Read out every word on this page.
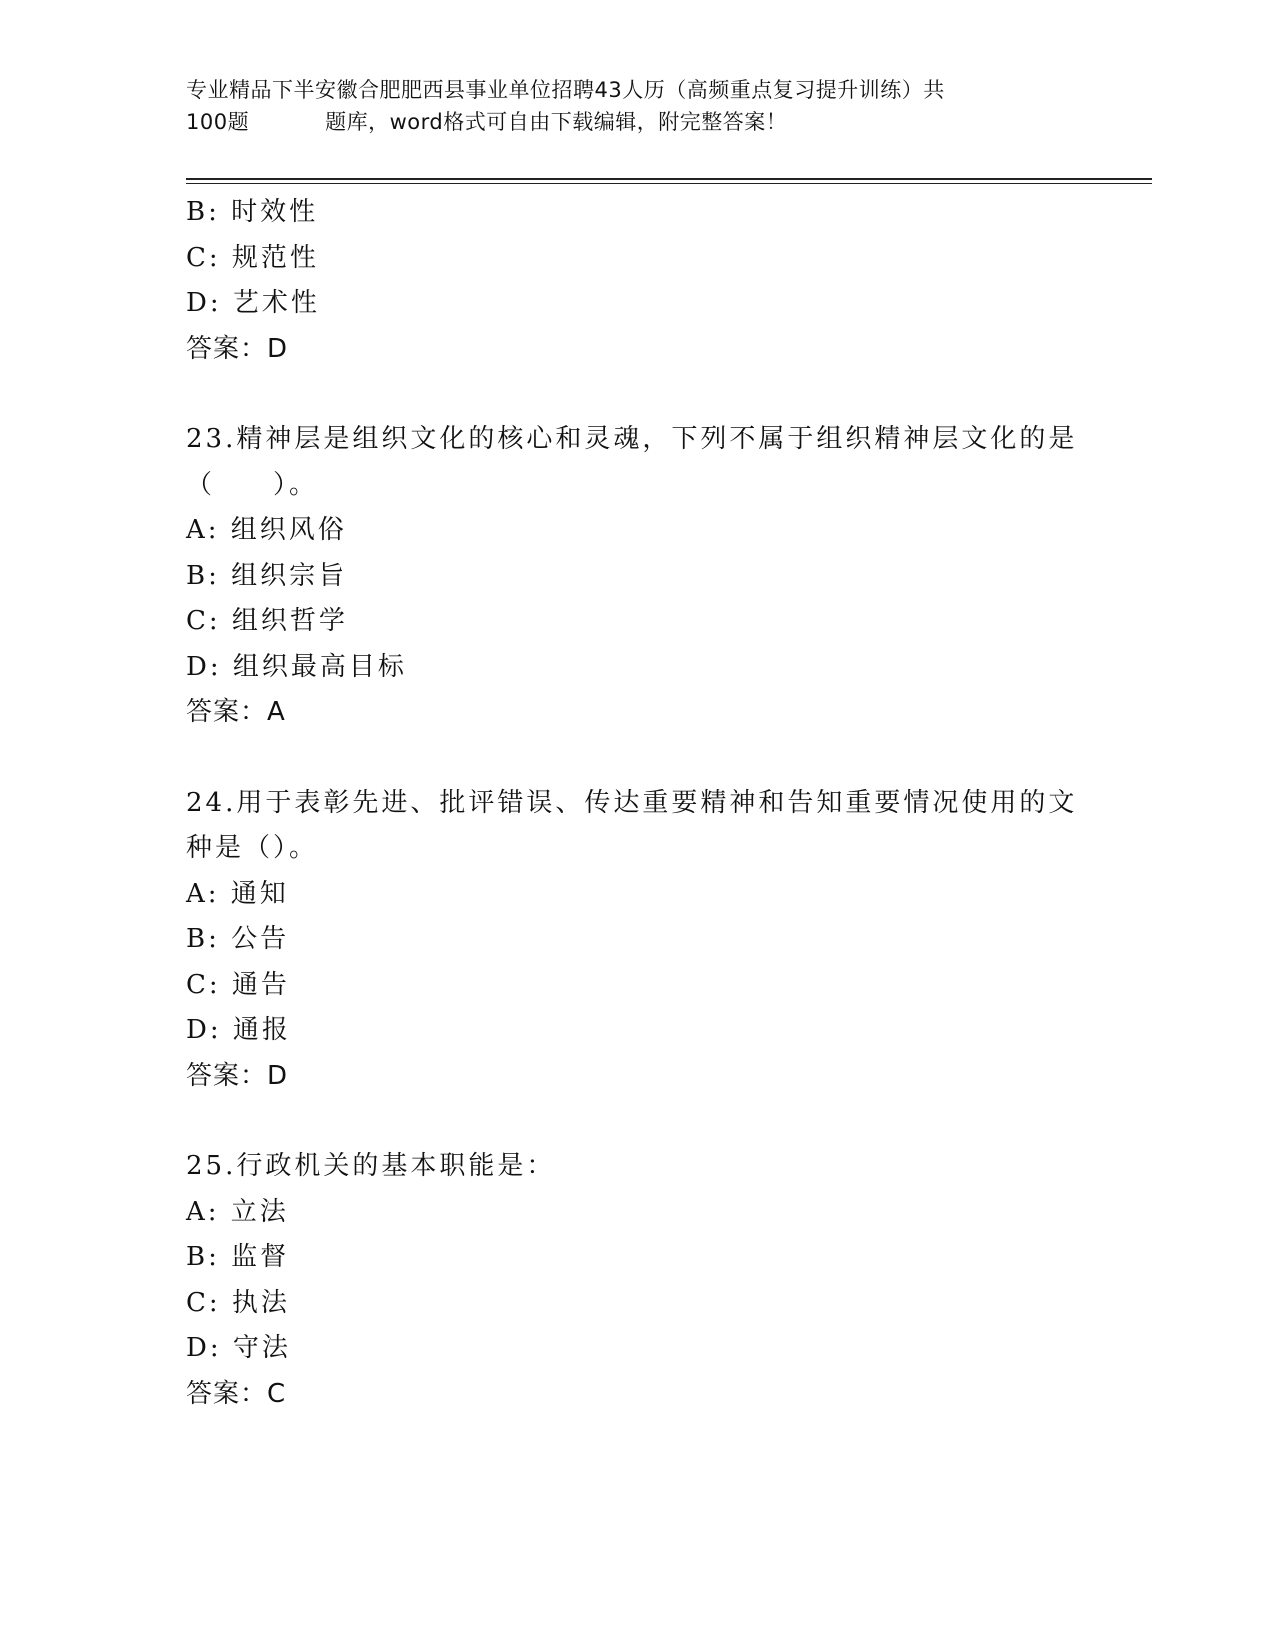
专业精品下半安徽合肥肥西县事业单位招聘43人历（高频重点复习提升训练）共
100题	题库，word格式可自由下载编辑，附完整答案！
B: 时效性
C: 规范性
D: 艺术性
答案：D
23.精神层是组织文化的核心和灵魂，下列不属于组织精神层文化的是
（　　）。
A: 组织风俗
B: 组织宗旨
C: 组织哲学
D: 组织最高目标
答案：A
24.用于表彰先进、批评错误、传达重要精神和告知重要情况使用的文
种是（）。
A: 通知
B: 公告
C: 通告
D: 通报
答案：D
25.行政机关的基本职能是：
A: 立法
B: 监督
C: 执法
D: 守法
答案：C
